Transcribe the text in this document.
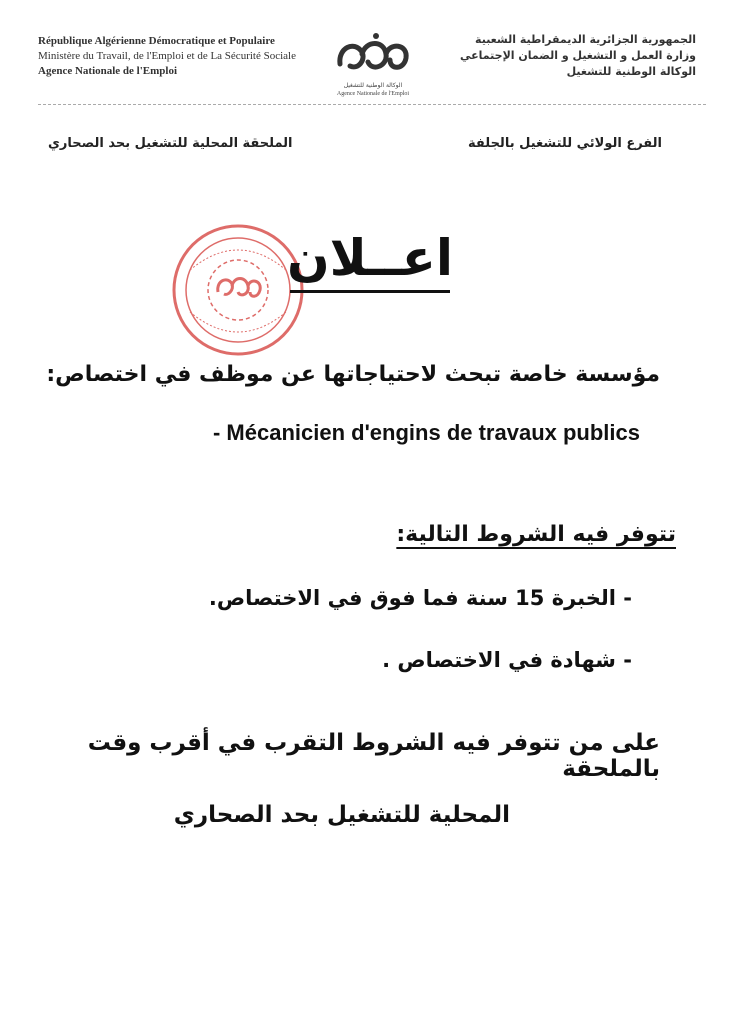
République Algérienne Démocratique et Populaire
Ministère du Travail, de l'Emploi et de La Sécurité Sociale
Agence Nationale de l'Emploi
الوكالة الوطنية للتشغيل
Agence Nationale de l'Emploi
الجمهورية الجزائرية الديمقراطية الشعبية
وزارة العمل و التشغيل و الضمان الإجتماعي
الوكالة الوطنية للتشغيل
الفرع الولائي للتشغيل بالجلفة
الملحقة المحلية للتشغيل بحد الصحاري
اعــلان
مؤسسة خاصة تبحث لاحتياجاتها عن موظف في اختصاص:
- Mécanicien d'engins de travaux publics
تتوفر فيه الشروط التالية:
- الخبرة 15 سنة فما فوق في الاختصاص.
- شهادة في الاختصاص .
على من تتوفر فيه الشروط التقرب في أقرب وقت بالملحقة
المحلية للتشغيل بحد الصحاري
